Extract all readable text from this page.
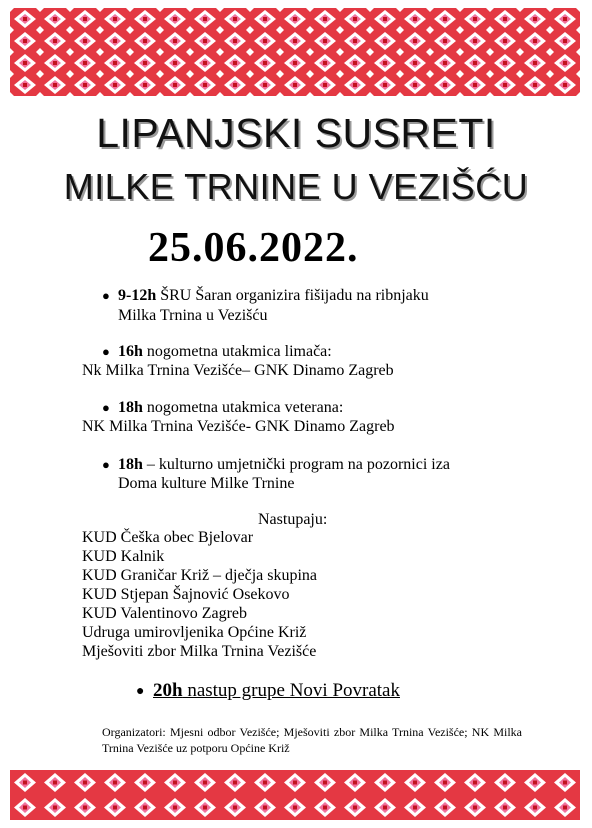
LIPANJSKI SUSRETI
MILKE TRNINE U VEZIŠĆU
25.06.2022.
● 9-12h ŠRU Šaran organizira fišijadu na ribnjaku
Milka Trnina u Vezišću
● 16h nogometna utakmica limača:
Nk Milka Trnina Vezišće– GNK Dinamo Zagreb
● 18h nogometna utakmica veterana:
NK Milka Trnina Vezišće- GNK Dinamo Zagreb
● 18h – kulturno umjetnički program na pozornici iza
Doma kulture Milke Trnine
Nastupaju:
KUD Češka obec Bjelovar
KUD Kalnik
KUD Graničar Križ – dječja skupina
KUD Stjepan Šajnović Osekovo
KUD Valentinovo Zagreb
Udruga umirovljenika Općine Križ
Mješoviti zbor Milka Trnina Vezišće
● 20h nastup grupe Novi Povratak
Organizatori: Mjesni odbor Vezišće; Mješoviti zbor Milka Trnina Vezišće; NK Milka Trnina Vezišće uz potporu Općine Križ
